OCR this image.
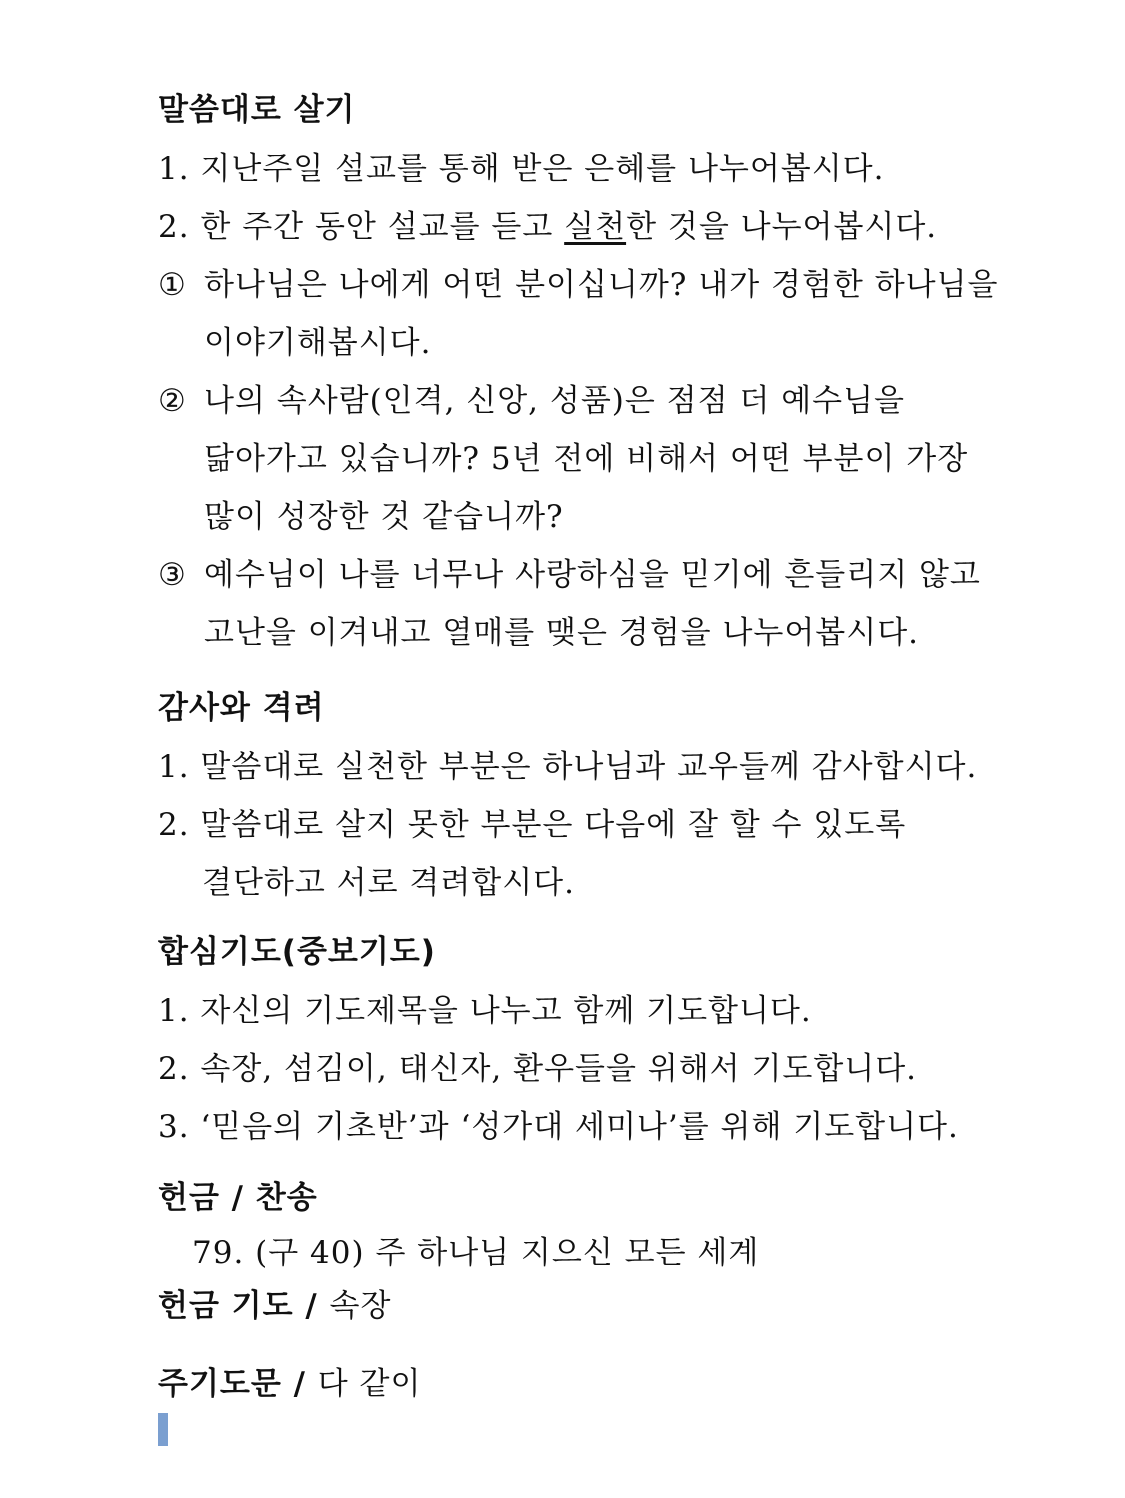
말씀대로 살기

1. 지난주일 설교를 통해 받은 은혜를 나누어봅시다.

2. 한 주간 동안 설교를 듣고 실천한 것을 나누어봅시다.

① 하나님은 나에게 어떤 분이십니까? 내가 경험한 하나님을

이야기해봅시다.

② 나의 속사람(인격, 신앙, 성품)은 점점 더 예수님을

닮아가고 있습니까? 5년 전에 비해서 어떤 부분이 가장

많이 성장한 것 같습니까?

③ 예수님이 나를 너무나 사랑하심을 믿기에 흔들리지 않고

고난을 이겨내고 열매를 맺은 경험을 나누어봅시다.

감사와 격려

1. 말씀대로 실천한 부분은 하나님과 교우들께 감사합시다.

2. 말씀대로 살지 못한 부분은 다음에 잘 할 수 있도록

결단하고 서로 격려합시다.

합심기도(중보기도)

1. 자신의 기도제목을 나누고 함께 기도합니다.

2. 속장, 섬김이, 태신자, 환우들을 위해서 기도합니다.

3. ‘믿음의 기초반’과 ‘성가대 세미나’를 위해 기도합니다.

헌금 / 찬송

79. (구 40) 주 하나님 지으신 모든 세계

헌금 기도 / 속장

주기도문 / 다 같이
